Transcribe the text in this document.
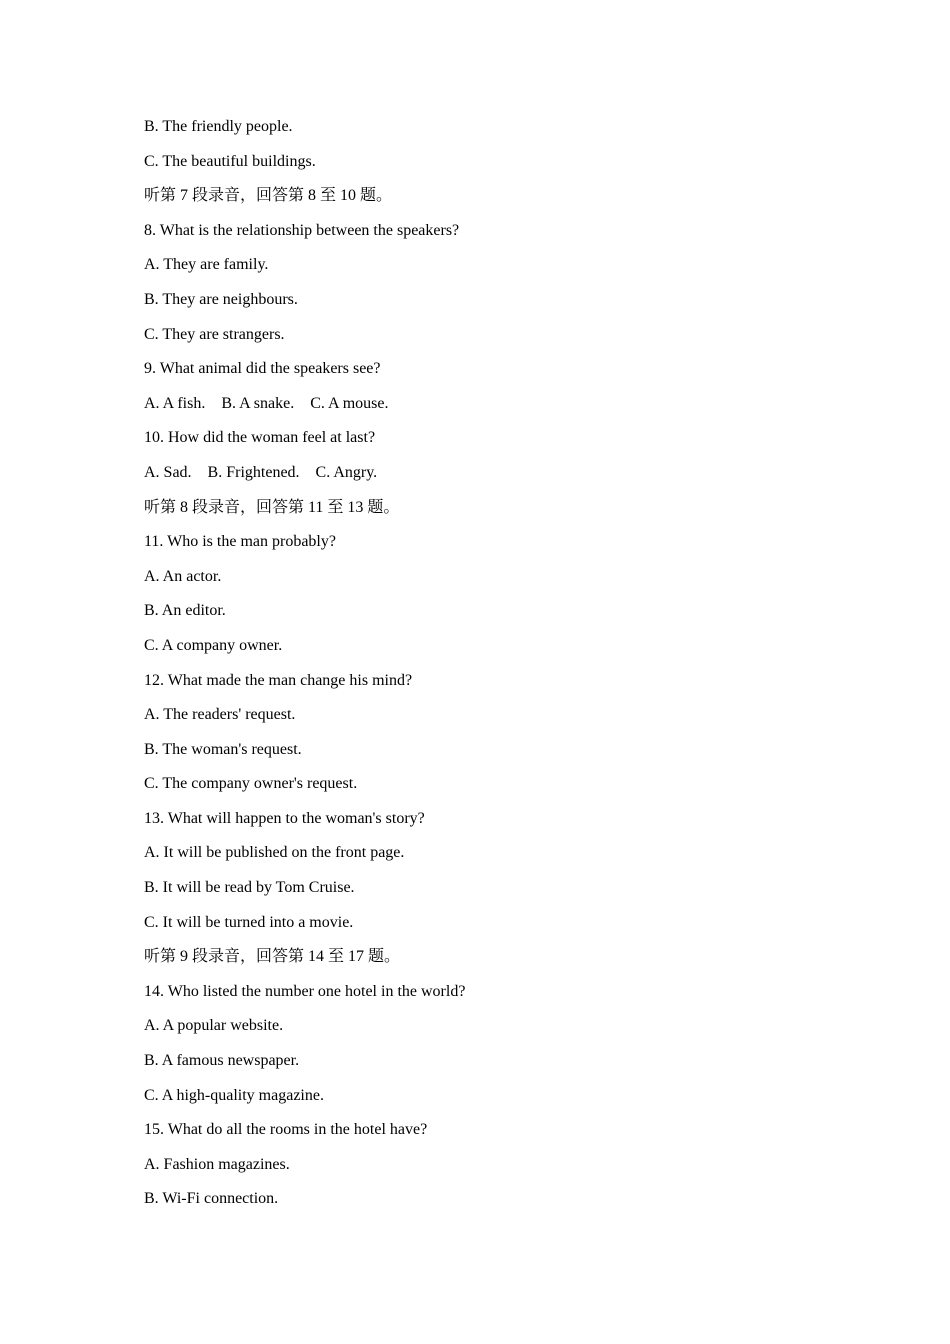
B. The friendly people.
C. The beautiful buildings.
听第 7 段录音，回答第 8 至 10 题。
8. What is the relationship between the speakers?
A. They are family.
B. They are neighbours.
C. They are strangers.
9. What animal did the speakers see?
A. A fish.    B. A snake.    C. A mouse.
10. How did the woman feel at last?
A. Sad.    B. Frightened.    C. Angry.
听第 8 段录音，回答第 11 至 13 题。
11. Who is the man probably?
A. An actor.
B. An editor.
C. A company owner.
12. What made the man change his mind?
A. The readers' request.
B. The woman's request.
C. The company owner's request.
13. What will happen to the woman's story?
A. It will be published on the front page.
B. It will be read by Tom Cruise.
C. It will be turned into a movie.
听第 9 段录音，回答第 14 至 17 题。
14. Who listed the number one hotel in the world?
A. A popular website.
B. A famous newspaper.
C. A high-quality magazine.
15. What do all the rooms in the hotel have?
A. Fashion magazines.
B. Wi-Fi connection.
